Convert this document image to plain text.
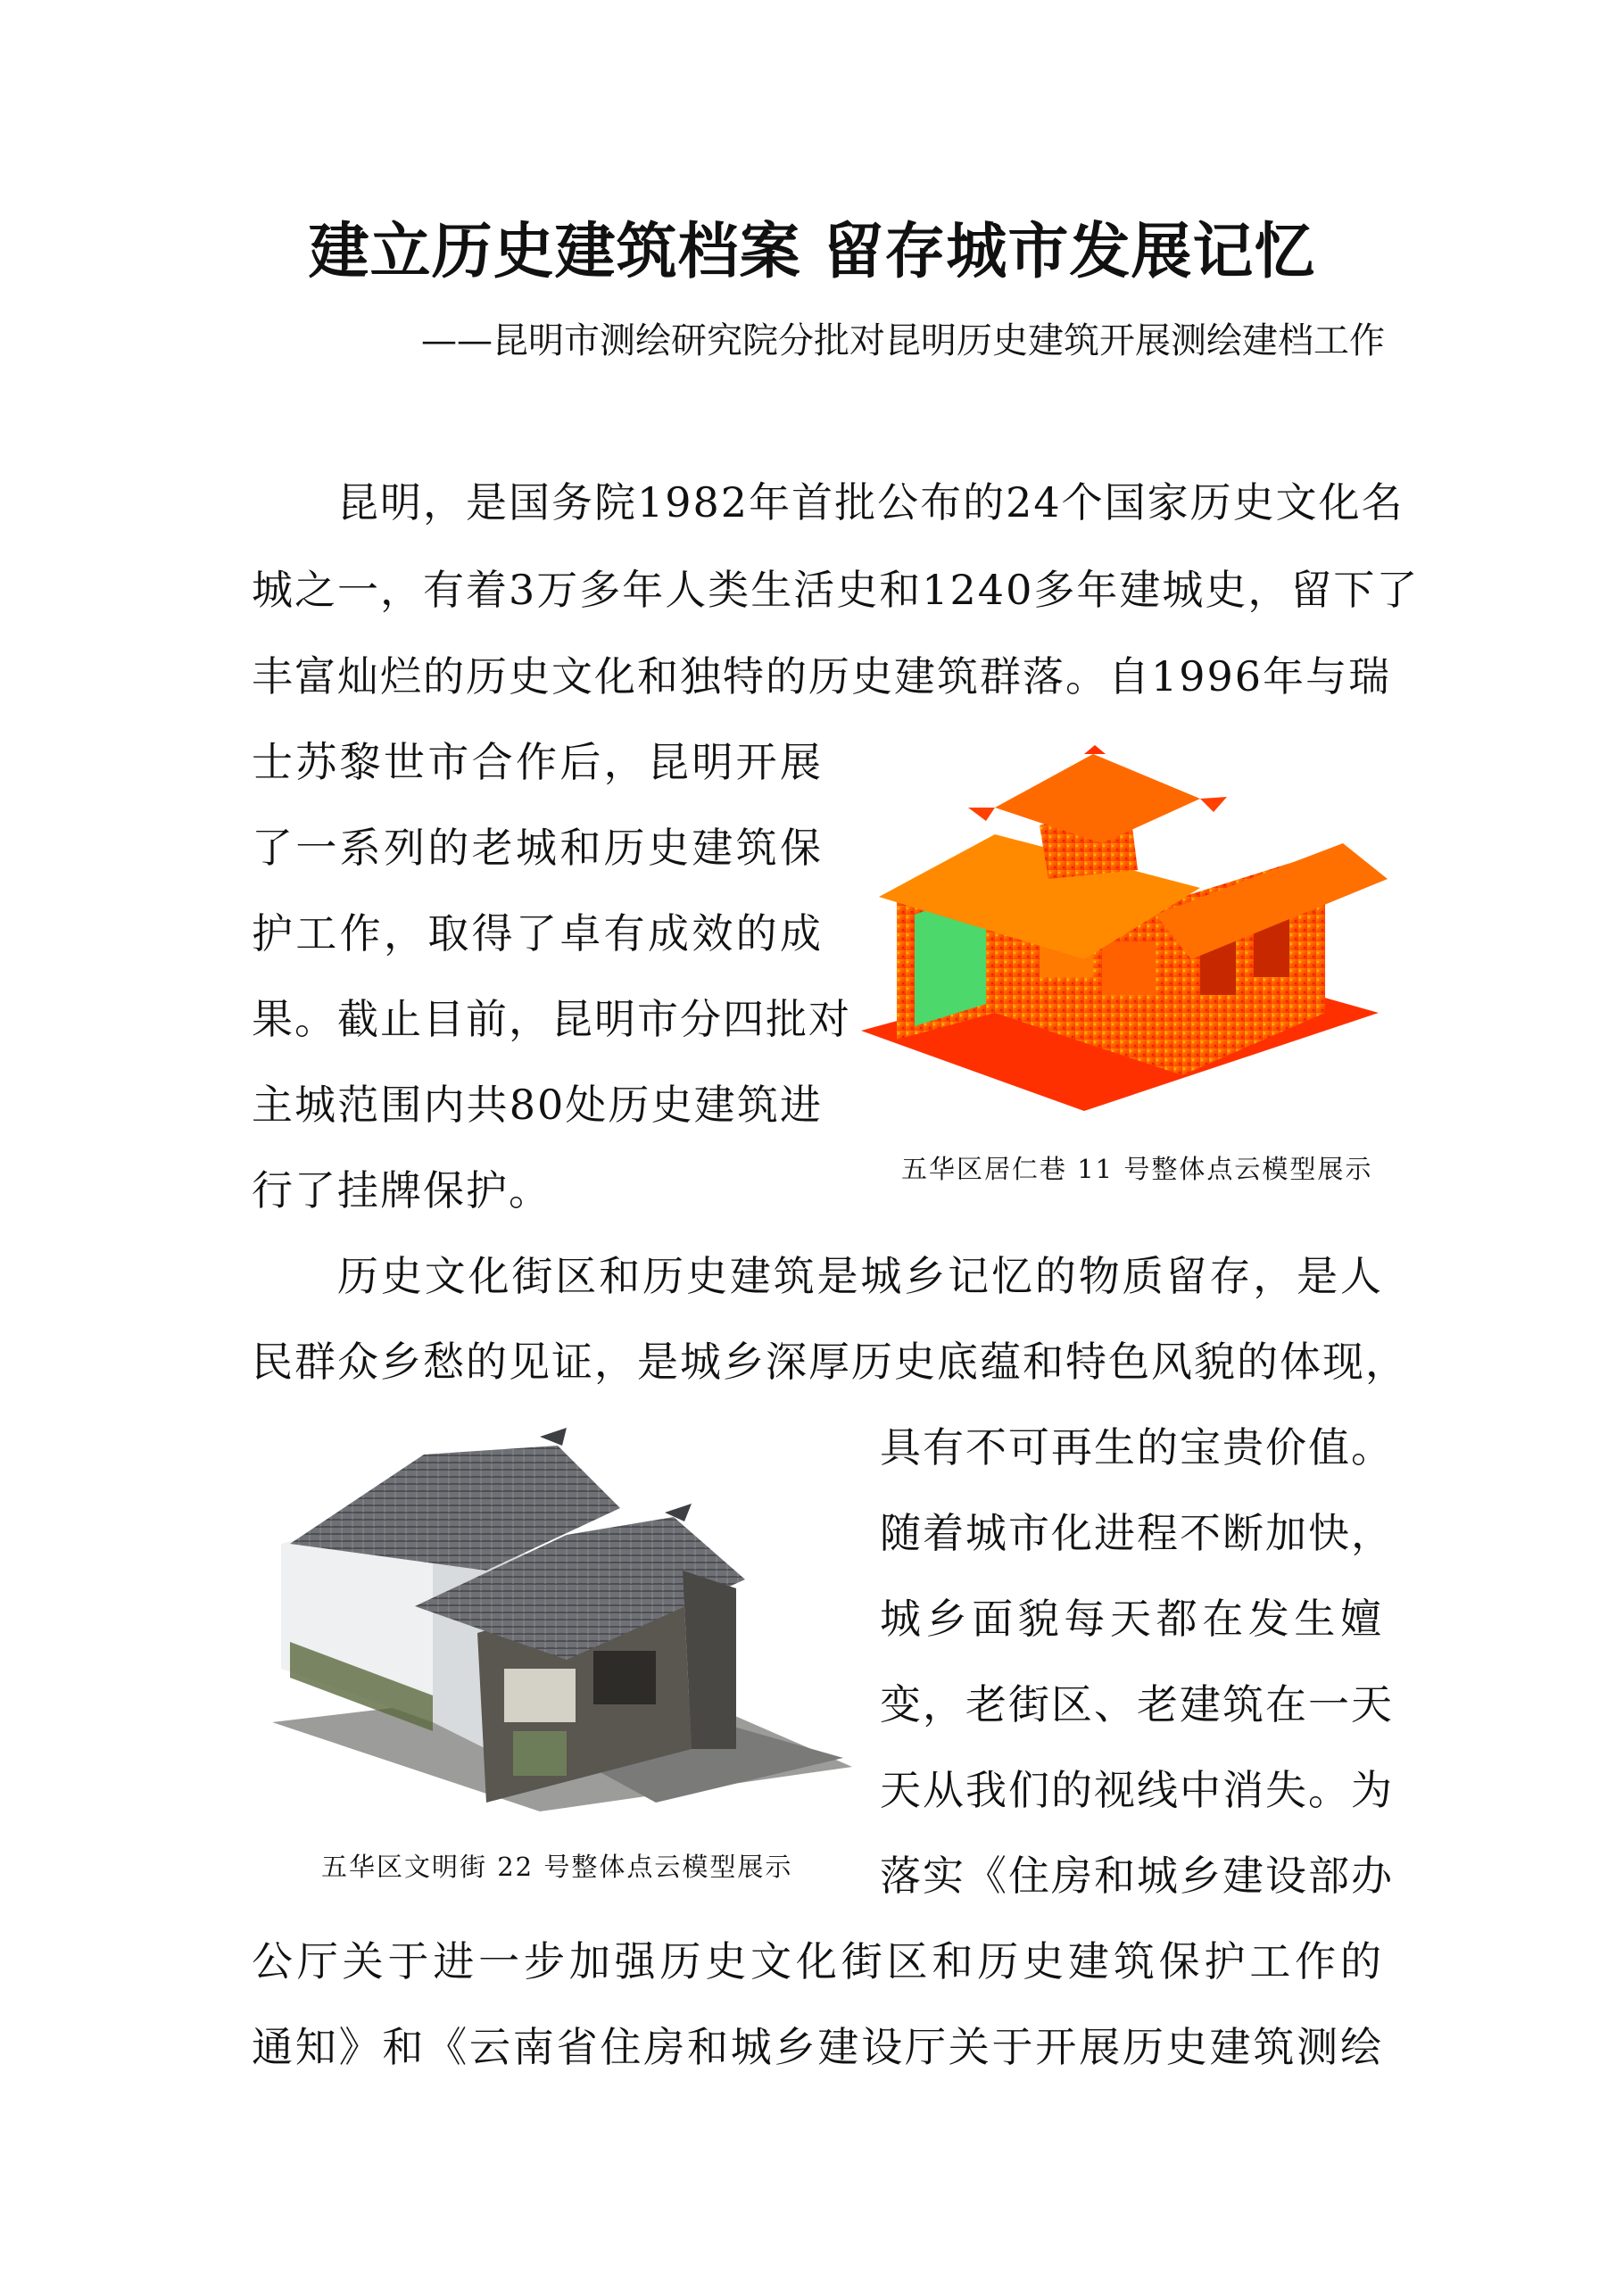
建立历史建筑档案 留存城市发展记忆

——昆明市测绘研究院分批对昆明历史建筑开展测绘建档工作

昆明，是国务院1982年首批公布的24个国家历史文化名

城之一，有着3万多年人类生活史和1240多年建城史，留下了

丰富灿烂的历史文化和独特的历史建筑群落。自1996年与瑞

士苏黎世市合作后，昆明开展

了一系列的老城和历史建筑保

护工作，取得了卓有成效的成

果。截止目前，昆明市分四批对

主城范围内共80处历史建筑进

行了挂牌保护。	五华区居仁巷 11 号整体点云模型展示

历史文化街区和历史建筑是城乡记忆的物质留存，是人

民群众乡愁的见证，是城乡深厚历史底蕴和特色风貌的体现，

具有不可再生的宝贵价值。

随着城市化进程不断加快，

城乡面貌每天都在发生嬗

变，老街区、老建筑在一天

天从我们的视线中消失。为

落实《住房和城乡建设部办

公厅关于进一步加强历史文化街区和历史建筑保护工作的

通知》和《云南省住房和城乡建设厅关于开展历史建筑测绘

五华区文明街 22 号整体点云模型展示
